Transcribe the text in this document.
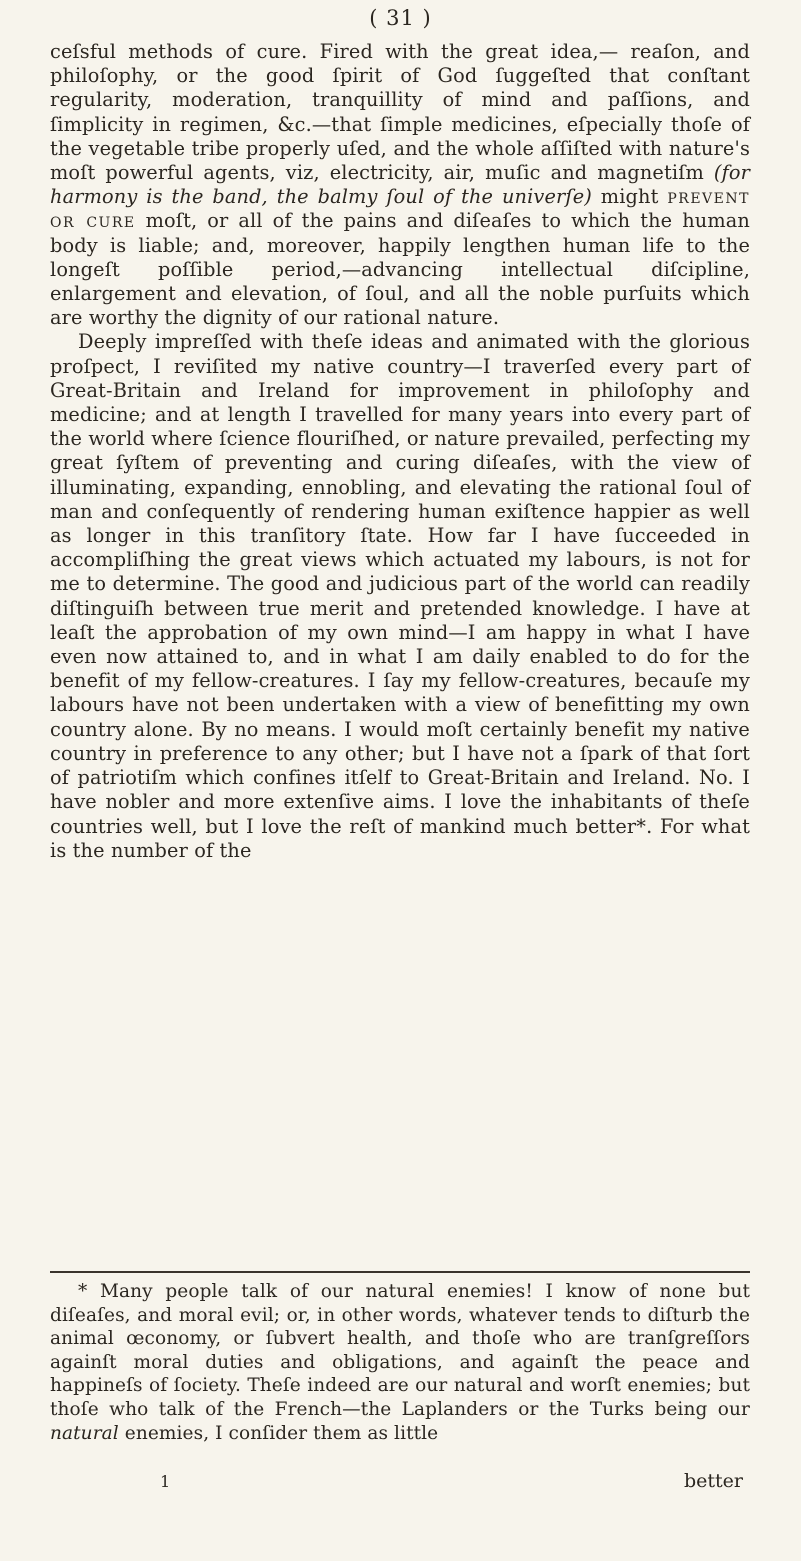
( 31 )

ceſsful methods of cure. Fired with the great idea,— reaſon, and philoſophy, or the good ſpirit of God ſuggeſted that conſtant regularity, moderation, tranquillity of mind and paſſions, and ſimplicity in regimen, &c.—that ſimple medicines, eſpecially thoſe of the vegetable tribe properly uſed, and the whole aſſiſted with nature's moſt powerful agents, viz, electricity, air, muſic and magnetiſm (for harmony is the band, the balmy ſoul of the univerſe) might prevent or cure moſt, or all of the pains and diſeaſes to which the human body is liable; and, moreover, happily lengthen human life to the longeſt poſſible period,—advancing intellectual diſcipline, enlargement and elevation, of ſoul, and all the noble purſuits which are worthy the dignity of our rational nature.

Deeply impreſſed with theſe ideas and animated with the glorious proſpect, I reviſited my native country—I traverſed every part of Great-Britain and Ireland for improvement in philoſophy and medicine; and at length I travelled for many years into every part of the world where ſcience flouriſhed, or nature prevailed, perfecting my great ſyſtem of preventing and curing diſeaſes, with the view of illuminating, expanding, ennobling, and elevating the rational ſoul of man and conſequently of rendering human exiſtence happier as well as longer in this tranſitory ſtate. How far I have ſucceeded in accompliſhing the great views which actuated my labours, is not for me to determine. The good and judicious part of the world can readily diſtinguiſh between true merit and pretended knowledge. I have at leaſt the approbation of my own mind—I am happy in what I have even now attained to, and in what I am daily enabled to do for the benefit of my fellow-creatures. I ſay my fellow-creatures, becauſe my labours have not been undertaken with a view of benefitting my own country alone. By no means. I would moſt certainly benefit my native country in preference to any other; but I have not a ſpark of that ſort of patriotiſm which confines itſelf to Great-Britain and Ireland. No. I have nobler and more extenſive aims. I love the inhabitants of theſe countries well, but I love the reſt of mankind much better*. For what is the number of the

* Many people talk of our natural enemies! I know of none but diſeaſes, and moral evil; or, in other words, whatever tends to diſturb the animal œconomy, or ſubvert health, and thoſe who are tranſgreſſors againſt moral duties and obligations, and againſt the peace and happineſs of ſociety. Theſe indeed are our natural and worſt enemies; but thoſe who talk of the French—the Laplanders or the Turks being our natural enemies, I conſider them as little

1	better
